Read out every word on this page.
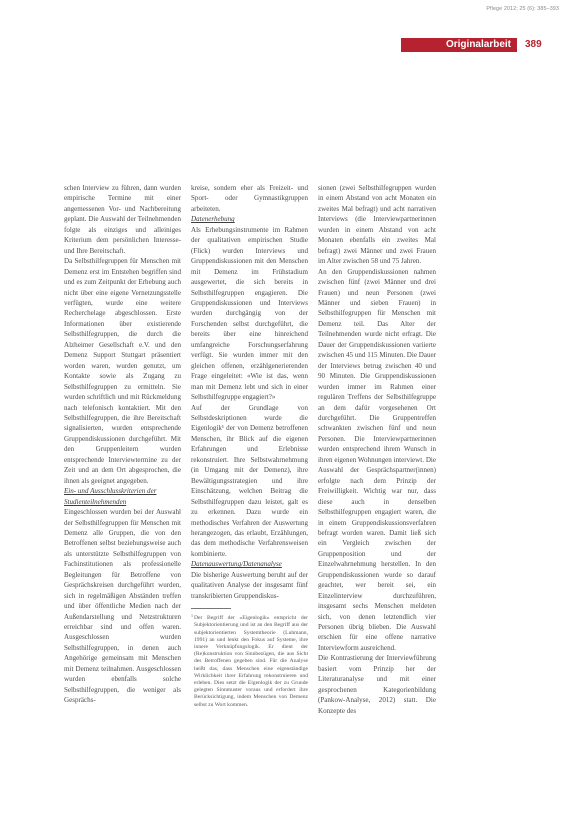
Pflege 2012; 25 (6): 385–393
Originalarbeit	389

schen Interview zu führen, dann wurden empirische Termine mit einer angemessenen Vor- und Nachbereitung geplant. Die Auswahl der Teilnehmenden folgte als einziges und alleiniges Kriterium dem persönlichen Interesse- und Ihre Bereitschaft.

Da Selbsthilfegruppen für Menschen mit Demenz erst im Entstehen begriffen sind und es zum Zeitpunkt der Erhebung auch nicht über eine eigene Vernetzungsstelle verfügten, wurde eine weitere Recherchelage abgeschlossen. Erste Informationen über existierende Selbsthilfegruppen, die durch die Alzheimer Gesellschaft e.V. und den Demenz Support Stuttgart präsentiert worden waren, wurden genutzt, um Kontakte sowie als Zugang zu Selbsthilfegruppen zu ermitteln. Sie wurden schriftlich und mit Rückmeldung nach telefonisch kontaktiert. Mit den Selbsthilfegruppen, die ihre Bereitschaft signalisierten, wurden entsprechende Gruppendiskussionen durchgeführt. Mit den Gruppenleitern wurden entsprechende Interviewtermine zu der Zeit und an dem Ort abgesprochen, die ihnen als geeignet angegeben.

Ein- und Ausschlusskriterien der Studienteilnehmenden

Eingeschlossen wurden bei der Auswahl der Selbsthilfegruppen für Menschen mit Demenz alle Gruppen, die von den Betroffenen selbst beziehungsweise auch als unterstützte Selbsthilfegruppen von Fachinstitutionen als professionelle Begleitungen für Betroffene von Gesprächskreisen durchgeführt wurden, sich in regelmäßigen Abständen treffen und über öffentliche Medien nach der Außendarstellung und Netzstrukturen erreichbar sind und offen waren. Ausgeschlossen wurden Selbsthilfegruppen, in denen auch Angehörige gemeinsam mit Menschen mit Demenz teilnahmen. Ausgeschlossen wurden ebenfalls solche Selbsthilfegruppen, die weniger als Gesprächs-

kreise, sondern eher als Freizeit- und Sport- oder Gymnastikgruppen arbeiteten.

Datenerhebung

Als Erhebungsinstrumente im Rahmen der qualitativen empirischen Studie (Flick) wurden Interviews und Gruppendiskussionen mit den Menschen mit Demenz im Frühstadium ausgewertet, die sich bereits in Selbsthilfegruppen engagieren. Die Gruppendiskussionen und Interviews wurden durchgängig von der Forschenden selbst durchgeführt, die bereits über eine hinreichend umfangreiche Forschungserfahrung verfügt. Sie wurden immer mit den gleichen offenen, erzählgenerierenden Frage eingeleitet: «Wie ist das, wenn man mit Demenz lebt und sich in einer Selbsthilfegruppe engagiert?»

Auf der Grundlage von Selbstdeskriptionen wurde die Eigenlogik¹ der von Demenz betroffenen Menschen, ihr Blick auf die eigenen Erfahrungen und Erlebnisse rekonstruiert. Ihre Selbstwahrnehmung (in Umgang mit der Demenz), ihre Bewältigungsstrategien und ihre Einschätzung, welchen Beitrag die Selbsthilfegruppen dazu leistet, galt es zu erkennen. Dazu wurde ein methodisches Verfahren der Auswertung herangezogen, das erlaubt, Erzählungen, das dem methodische Verfahrensweisen kombinierte.

Datenauswertung/Datenanalyse

Die bisherige Auswertung beruht auf der qualitativen Analyse der insgesamt fünf transkribierten Gruppendiskus-

$^1$Der Begriff der «Eigenlogik» entspricht der Subjektorientierung und ist an den Begriff aus der subjektorientierten Systemtheorie (Luhmann, 1991) an und lenkt den Fokus auf Systeme, ihre innere Verknüpfungslogik. Er dient der (Re)konstruktion von Sinnbezügen, die aus Sicht des Betroffenen gegeben sind. Für die Analyse heißt das, dass Menschen eine eigenständige Wirklichkeit ihrer Erfahrung rekonstruieren und erleben. Dies setzt die Eigenlogik der zu Grunde gelegten Sinnmuster voraus und erfordert ihre Berücksichtigung, indem Menschen von Demenz selbst zu Wort kommen.

sionen (zwei Selbsthilfegruppen wurden in einem Abstand von acht Monaten ein zweites Mal befragt) und acht narrativen Interviews (die Interviewpartnerinnen wurden in einem Abstand von acht Monaten ebenfalls ein zweites Mal befragt) zwei Männer und zwei Frauen im Alter zwischen 58 und 75 Jahren.

An den Gruppendiskussionen nahmen zwischen fünf (zwei Männer und drei Frauen) und neun Personen (zwei Männer und sieben Frauen) in Selbsthilfegruppen für Menschen mit Demenz teil. Das Alter der Teilnehmenden wurde nicht erfragt. Die Dauer der Gruppendiskussionen variierte zwischen 45 und 115 Minuten. Die Dauer der Interviews betrug zwischen 40 und 90 Minuten. Die Gruppendiskussionen wurden immer im Rahmen einer regulären Treffens der Selbsthilfegruppe an dem dafür vorgesehenen Ort durchgeführt. Die Gruppentreffen schwankten zwischen fünf und neun Personen. Die Interviewpartnerinnen wurden entsprechend ihrem Wunsch in ihren eigenen Wohnungen interviewt. Die Auswahl der Gesprächspartner(innen) erfolgte nach dem Prinzip der Freiwilligkeit. Wichtig war nur, dass diese auch in denselben Selbsthilfegruppen engagiert waren, die in einem Gruppendiskussionsverfahren befragt worden waren. Damit ließ sich ein Vergleich zwischen der Gruppenposition und der Einzelwahrnehmung herstellen. In den Gruppendiskussionen wurde so darauf geachtet, wer bereit sei, ein Einzelinterview durchzuführen, insgesamt sechs Menschen meldeten sich, von denen letztendlich vier Personen übrig blieben. Die Auswahl erschien für eine offene narrative Interviewform ausreichend.

Die Kontrastierung der Interviewführung basiert vom Prinzip her der Literaturanalyse und mit einer gesprochenen Kategorienbildung (Pankow-Analyse, 2012) statt. Die Konzepte des
